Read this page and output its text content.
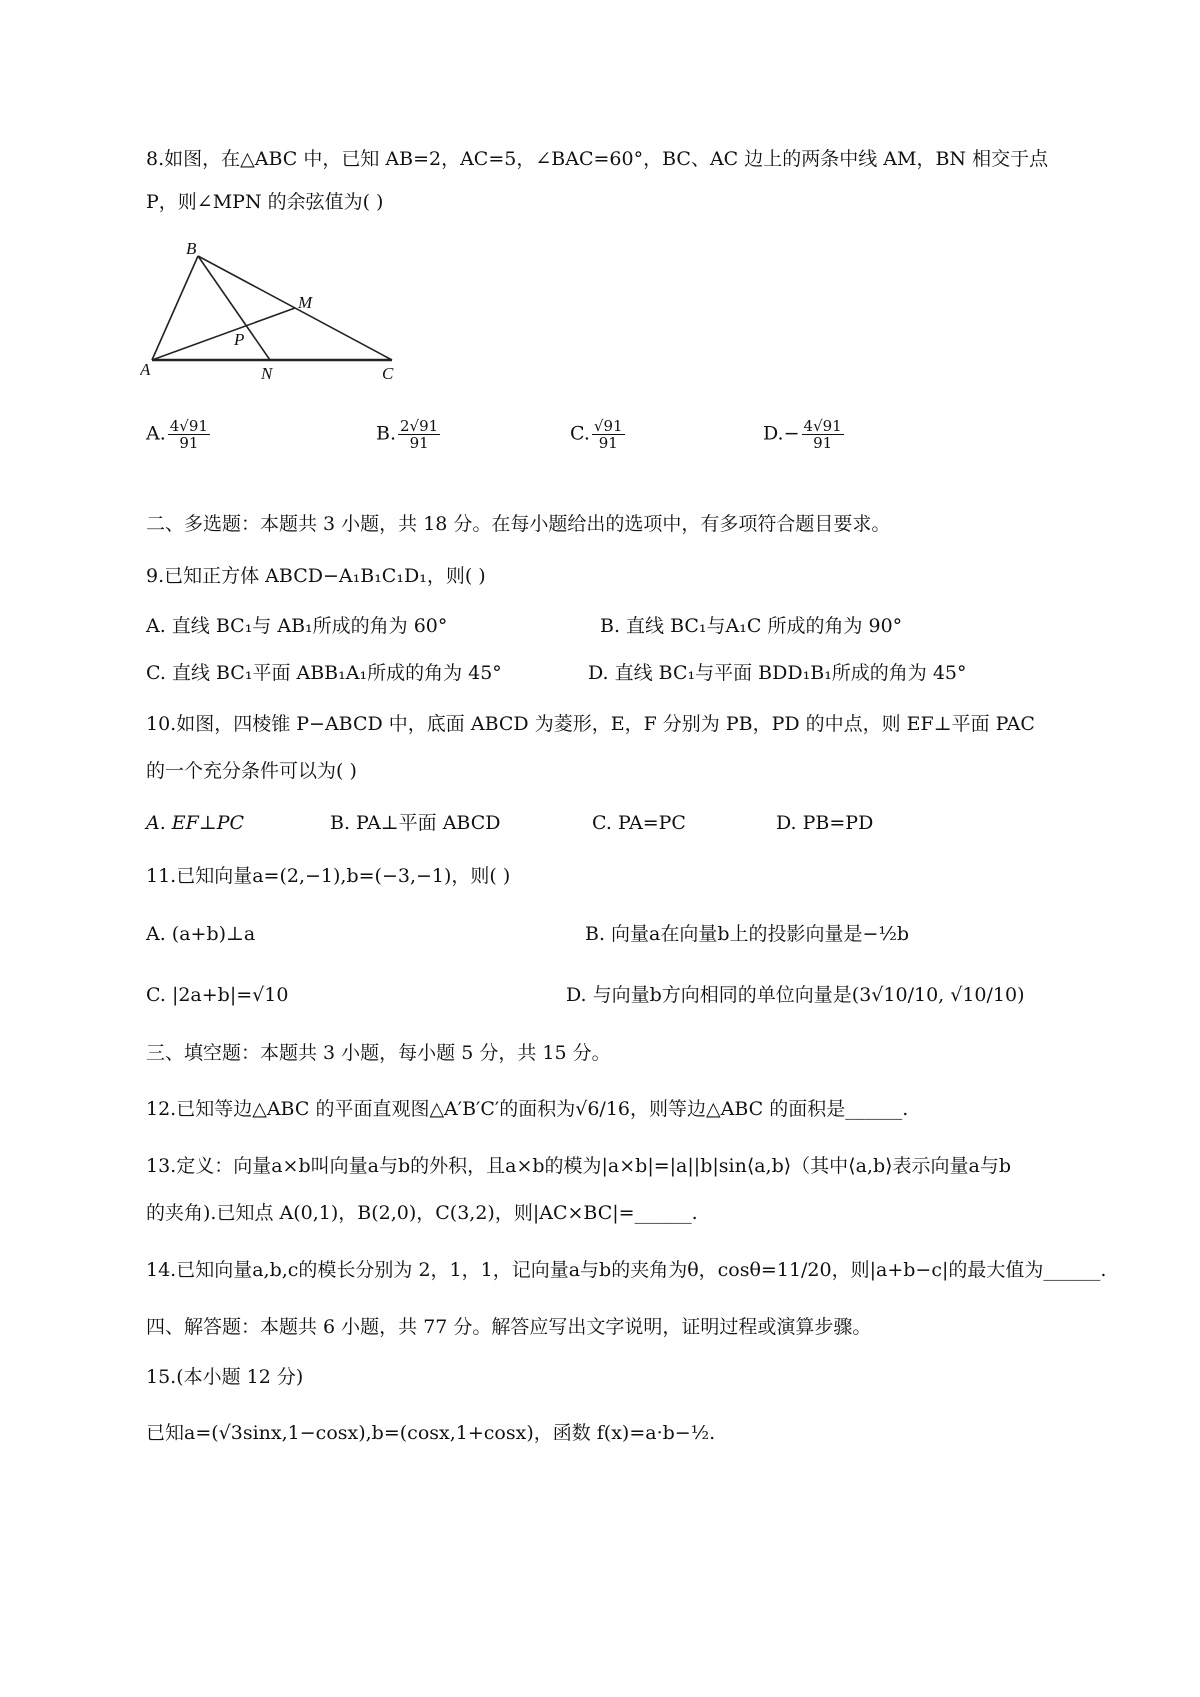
8.如图，在△ABC 中，已知 AB=2，AC=5，∠BAC=60°，BC、AC 边上的两条中线 AM，BN 相交于点
P，则∠MPN 的余弦值为( )
B
M
P
A	N	C
A. $\frac{4√91}{91}$	B. $\frac{2√91}{91}$	C. $\frac{√91}{91}$	$D.- \frac{4√91}{91}$
二、多选题：本题共 3 小题，共 18 分。在每小题给出的选项中，有多项符合题目要求。
9.已知正方体 ABCD−A₁B₁C₁D₁，则( )
A. 直线 BC₁与 AB₁所成的角为 60°	B. 直线 BC₁与A₁C 所成的角为 90°
C. 直线 BC₁平面 ABB₁A₁所成的角为 45°	D. 直线 BC₁与平面 BDD₁B₁所成的角为 45°
10.如图，四棱锥 P−ABCD 中，底面 ABCD 为菱形，E，F 分别为 PB，PD 的中点，则 EF⊥平面 PAC
的一个充分条件可以为( )
A. EF⊥PC	B. PA⊥平面 ABCD	C. PA=PC	D. PB=PD
11.已知向量a=(2,−1),b=(−3,−1)，则( )
A. (a+b)⊥a	B. 向量a在向量b上的投影向量是−½b
C. |2a+b|=√10	D. 与向量b方向相同的单位向量是(3√10/10, √10/10)
三、填空题：本题共 3 小题，每小题 5 分，共 15 分。
12.已知等边△ABC 的平面直观图△A′B′C′的面积为√6/16，则等边△ABC 的面积是______.
13.定义：向量a×b叫向量a与b的外积，且a×b的模为|a×b|=|a||b|sin⟨a,b⟩（其中⟨a,b⟩表示向量a与b
的夹角).已知点 A(0,1)，B(2,0)，C(3,2)，则|AC×BC|=______.
14.已知向量a,b,c的模长分别为 2，1，1，记向量a与b的夹角为θ，cosθ=11/20，则|a+b−c|的最大值为______.
四、解答题：本题共 6 小题，共 77 分。解答应写出文字说明，证明过程或演算步骤。
15.(本小题 12 分)
已知a=(√3sinx,1−cosx),b=(cosx,1+cosx)，函数 f(x)=a·b−½.
